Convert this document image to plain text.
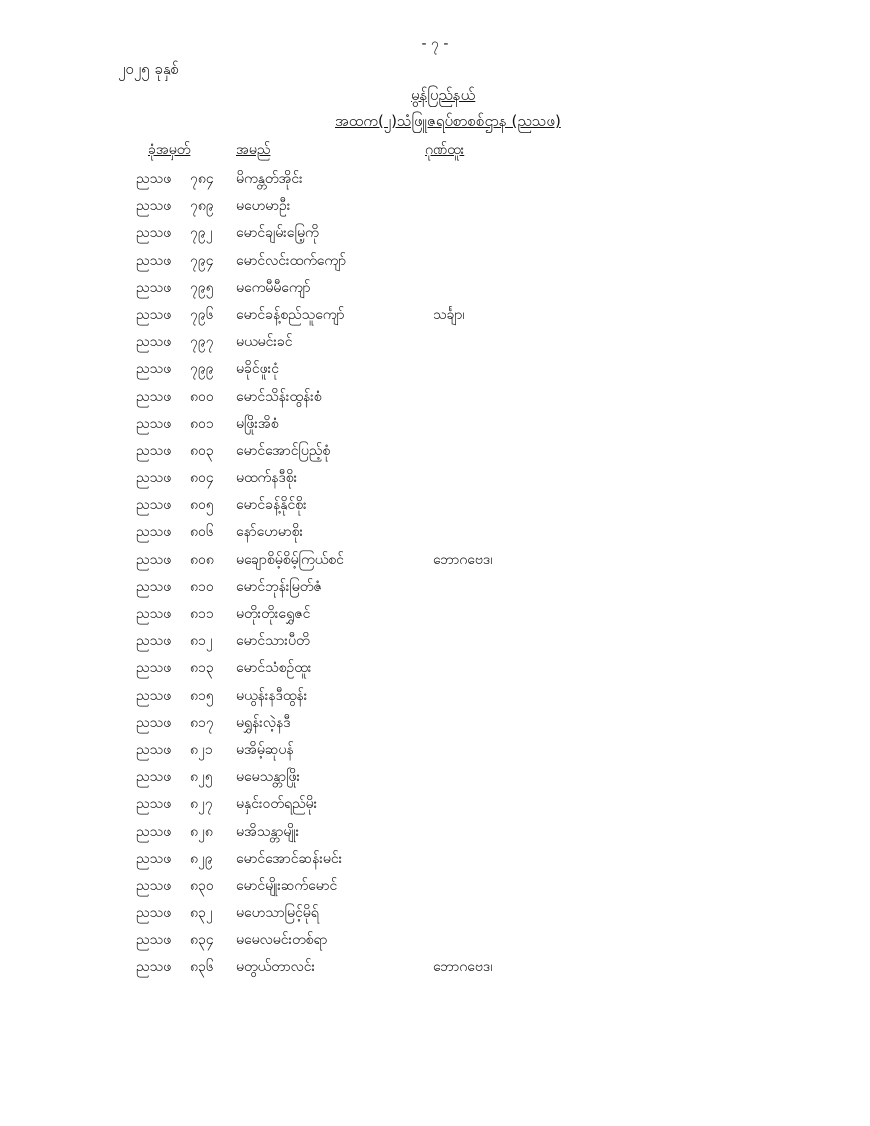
- ၇ -
၂၀၂၅ ခုနှစ်
မွန်ပြည်နယ်
အထက(၂)သံဖြူဇရပ်စာစစ်ဌာန (ညသဖ)
ခုံအမှတ်	အမည်	ဂုဏ်ထူး
ညသဖ ၇၈၄ မိကန္တတ်အိုင်း
ညသဖ ၇၈၉ မဟေမာဦး
ညသဖ ၇၉၂ မောင်ချမ်းမြေ့ကို
ညသဖ ၇၉၄ မောင်လင်းထက်ကျော်
ညသဖ ၇၉၅ မကေမီမီကျော်
ညသဖ ၇၉၆ မောင်ခန့်စည်သူကျော်	သင်္ချာ၊
ညသဖ ၇၉၇ မယမင်းခင်
ညသဖ ၇၉၉ မခိုင်ဖူးငုံ
ညသဖ ၈၀၀ မောင်သိန်းထွန်းစံ
ညသဖ ၈၀၁ မဖြိုးအိစံ
ညသဖ ၈၀၃ မောင်အောင်ပြည့်စုံ
ညသဖ ၈၀၄ မထက်နဒီစိုး
ညသဖ ၈၀၅ မောင်ခန့်နိုင်စိုး
ညသဖ ၈၀၆ နော်ဟေမာစိုး
ညသဖ ၈၀၈ မချောစိမ့်စိမ့်ကြယ်စင်	ဘောဂဗေဒ၊
ညသဖ ၈၁၀ မောင်ဘုန်းမြတ်ဇံ
ညသဖ ၈၁၁ မတိုးတိုးရွှေဇင်
ညသဖ ၈၁၂ မောင်သားပီတိ
ညသဖ ၈၁၃ မောင်သံစဉ်ထူး
ညသဖ ၈၁၅ မယွန်းနဒီထွန်း
ညသဖ ၈၁၇ မရွှန်းလဲ့နဒီ
ညသဖ ၈၂၁ မအိမ့်ဆုပန်
ညသဖ ၈၂၅ မမေသန္တာဖြိုး
ညသဖ ၈၂၇ မနှင်းဝတ်ရည်မိုး
ညသဖ ၈၂၈ မအိသန္တာမျိုး
ညသဖ ၈၂၉ မောင်အောင်ဆန်းမင်း
ညသဖ ၈၃၀ မောင်မျိုးဆက်မောင်
ညသဖ ၈၃၂ မဟေသာမြင့်မိုရ်
ညသဖ ၈၃၄ မမေလမင်းတစ်ရာ
ညသဖ ၈၃၆ မတွယ်တာလင်း	ဘောဂဗေဒ၊
